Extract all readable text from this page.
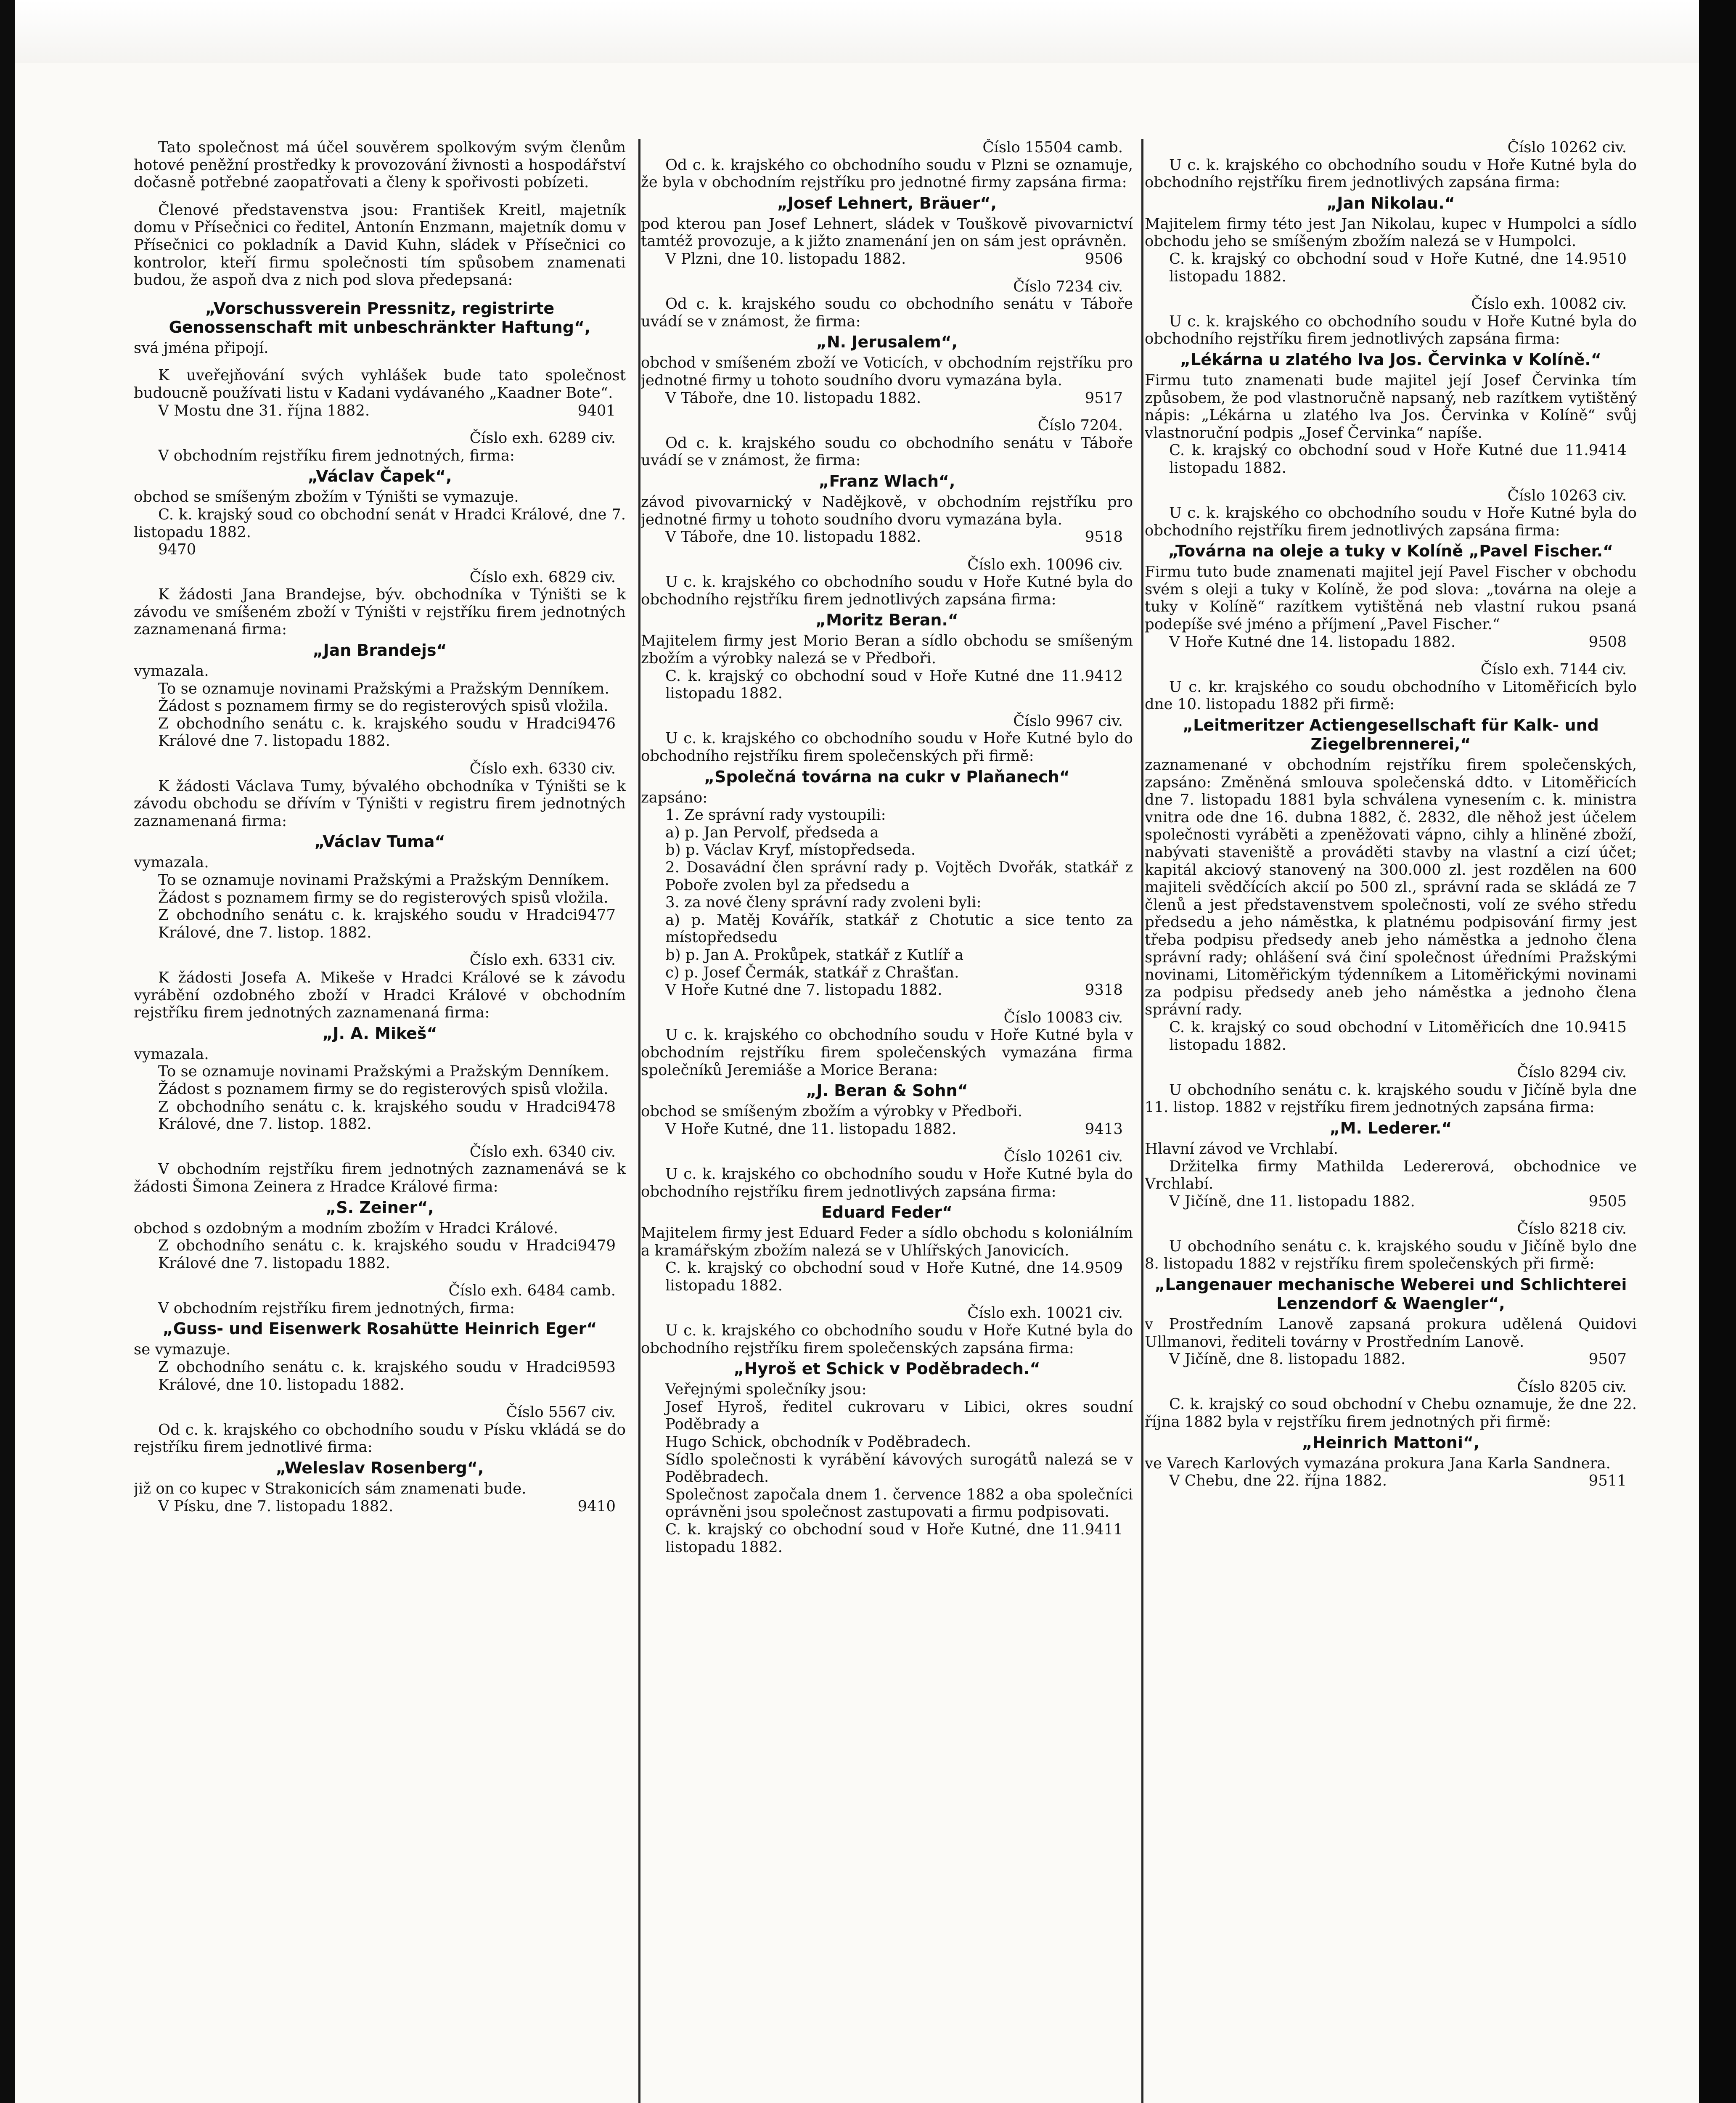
Tato společnost má účel souvěrem spolkovým svým členům hotové peněžní prostředky k provozování živnosti a hospodářství dočasně potřebné zaopatřovati a členy k spořivosti pobízeti.

Členové představenstva jsou: František Kreitl, majetník domu v Přísečnici co ředitel, Antonín Enzmann, majetník domu v Přísečnici co pokladník a David Kuhn, sládek v Přísečnici co kontrolor, kteří firmu společnosti tím spůsobem znamenati budou, že aspoň dva z nich pod slova předepsaná:

„Vorschussverein Pressnitz, registrirte Genossenschaft mit unbeschränkter Haftung“,

svá jména připojí.

K uveřejňování svých vyhlášek bude tato společnost budoucně používati listu v Kadani vydávaného „Kaadner Bote“.

V Mostu dne 31. října 1882.	9401

Číslo exh. 6289 civ.

V obchodním rejstříku firem jednotných, firma:

„Václav Čapek“,

obchod se smíšeným zbožím v Týništi se vymazuje.

C. k. krajský soud co obchodní senát v Hradci Králové, dne 7. listopadu 1882.

9470

Číslo exh. 6829 civ.

K žádosti Jana Brandejse, býv. obchodníka v Týništi se k závodu ve smíšeném zboží v Týništi v rejstříku firem jednotných zaznamenaná firma:

„Jan Brandejs“

vymazala.

To se oznamuje novinami Pražskými a Pražským Denníkem.

Žádost s poznamem firmy se do registerových spisů vložila.

Z obchodního senátu c. k. krajského soudu v Hradci Králové dne 7. listopadu 1882.
9476

Číslo exh. 6330 civ.

K žádosti Václava Tumy, bývalého obchodníka v Týništi se k závodu obchodu se dřívím v Týništi v registru firem jednotných zaznamenaná firma:

„Václav Tuma“

vymazala.

To se oznamuje novinami Pražskými a Pražským Denníkem.

Žádost s poznamem firmy se do registerových spisů vložila.

Z obchodního senátu c. k. krajského soudu v Hradci Králové, dne 7. listop. 1882.
9477

Číslo exh. 6331 civ.

K žádosti Josefa A. Mikeše v Hradci Králové se k závodu vyrábění ozdobného zboží v Hradci Králové v obchodním rejstříku firem jednotných zaznamenaná firma:

„J. A. Mikeš“

vymazala.

To se oznamuje novinami Pražskými a Pražským Denníkem.

Žádost s poznamem firmy se do registerových spisů vložila.

Z obchodního senátu c. k. krajského soudu v Hradci Králové, dne 7. listop. 1882.
9478

Číslo exh. 6340 civ.

V obchodním rejstříku firem jednotných zaznamenává se k žádosti Šimona Zeinera z Hradce Králové firma:

„S. Zeiner“,

obchod s ozdobným a modním zbožím v Hradci Králové.

Z obchodního senátu c. k. krajského soudu v Hradci Králové dne 7. listopadu 1882.
9479

Číslo exh. 6484 camb.

V obchodním rejstříku firem jednotných, firma:

„Guss- und Eisenwerk Rosahütte Heinrich Eger“

se vymazuje.

Z obchodního senátu c. k. krajského soudu v Hradci Králové, dne 10. listopadu 1882.
9593

Číslo 5567 civ.

Od c. k. krajského co obchodního soudu v Písku vkládá se do rejstříku firem jednotlivé firma:

„Weleslav Rosenberg“,

již on co kupec v Strakonicích sám znamenati bude.

V Písku, dne 7. listopadu 1882.	9410

Číslo 15504 camb.

Od c. k. krajského co obchodního soudu v Plzni se oznamuje, že byla v obchodním rejstříku pro jednotné firmy zapsána firma:

„Josef Lehnert, Bräuer“,

pod kterou pan Josef Lehnert, sládek v Touškově pivovarnictví tamtéž provozuje, a k jižto znamenání jen on sám jest oprávněn.

V Plzni, dne 10. listopadu 1882.	9506

Číslo 7234 civ.

Od c. k. krajského soudu co obchodního senátu v Táboře uvádí se v známost, že firma:

„N. Jerusalem“,

obchod v smíšeném zboží ve Voticích, v obchodním rejstříku pro jednotné firmy u tohoto soudního dvoru vymazána byla.

V Táboře, dne 10. listopadu 1882.	9517

Číslo 7204.

Od c. k. krajského soudu co obchodního senátu v Táboře uvádí se v známost, že firma:

„Franz Wlach“,

závod pivovarnický v Nadějkově, v obchodním rejstříku pro jednotné firmy u tohoto soudního dvoru vymazána byla.

V Táboře, dne 10. listopadu 1882.	9518

Číslo exh. 10096 civ.

U c. k. krajského co obchodního soudu v Hoře Kutné byla do obchodního rejstříku firem jednotlivých zapsána firma:

„Moritz Beran.“

Majitelem firmy jest Morio Beran a sídlo obchodu se smíšeným zbožím a výrobky nalezá se v Předboři.

C. k. krajský co obchodní soud v Hoře Kutné dne 11. listopadu 1882.
9412

Číslo 9967 civ.

U c. k. krajského co obchodního soudu v Hoře Kutné bylo do obchodního rejstříku firem společenských při firmě:

„Společná továrna na cukr v Plaňanech“

zapsáno:

1. Ze správní rady vystoupili:

a) p. Jan Pervolf, předseda a

b) p. Václav Kryf, místopředseda.

2. Dosavádní člen správní rady p. Vojtěch Dvořák, statkář z Poboře zvolen byl za předsedu a

3. za nové členy správní rady zvoleni byli:

a) p. Matěj Kovářík, statkář z Chotutic a sice tento za místopředsedu

b) p. Jan A. Prokůpek, statkář z Kutlíř a

c) p. Josef Čermák, statkář z Chrašťan.

V Hoře Kutné dne 7. listopadu 1882.	9318

Číslo 10083 civ.

U c. k. krajského co obchodního soudu v Hoře Kutné byla v obchodním rejstříku firem společenských vymazána firma společníků Jeremiáše a Morice Berana:

„J. Beran & Sohn“

obchod se smíšeným zbožím a výrobky v Předboři.

V Hoře Kutné, dne 11. listopadu 1882.	9413

Číslo 10261 civ.

U c. k. krajského co obchodního soudu v Hoře Kutné byla do obchodního rejstříku firem jednotlivých zapsána firma:

Eduard Feder“

Majitelem firmy jest Eduard Feder a sídlo obchodu s koloniálním a kramářským zbožím nalezá se v Uhlířských Janovicích.

C. k. krajský co obchodní soud v Hoře Kutné, dne 14. listopadu 1882.
9509

Číslo exh. 10021 civ.

U c. k. krajského co obchodního soudu v Hoře Kutné byla do obchodního rejstříku firem společenských zapsána firma:

„Hyroš et Schick v Poděbradech.“

Veřejnými společníky jsou:

Josef Hyroš, ředitel cukrovaru v Libici, okres soudní Poděbrady a

Hugo Schick, obchodník v Poděbradech.

Sídlo společnosti k vyrábění kávových surogátů nalezá se v Poděbradech.

Společnost započala dnem 1. července 1882 a oba společníci oprávněni jsou společnost zastupovati a firmu podpisovati.

C. k. krajský co obchodní soud v Hoře Kutné, dne 11. listopadu 1882.
9411

Číslo 10262 civ.

U c. k. krajského co obchodního soudu v Hoře Kutné byla do obchodního rejstříku firem jednotlivých zapsána firma:

„Jan Nikolau.“

Majitelem firmy této jest Jan Nikolau, kupec v Humpolci a sídlo obchodu jeho se smíšeným zbožím nalezá se v Humpolci.

C. k. krajský co obchodní soud v Hoře Kutné, dne 14. listopadu 1882.
9510

Číslo exh. 10082 civ.

U c. k. krajského co obchodního soudu v Hoře Kutné byla do obchodního rejstříku firem jednotlivých zapsána firma:

„Lékárna u zlatého lva Jos. Červinka v Kolíně.“

Firmu tuto znamenati bude majitel její Josef Červinka tím způsobem, že pod vlastnoručně napsaný, neb razítkem vytištěný nápis: „Lékárna u zlatého lva Jos. Červinka v Kolíně“ svůj vlastnoruční podpis „Josef Červinka“ napíše.

C. k. krajský co obchodní soud v Hoře Kutné due 11. listopadu 1882.
9414

Číslo 10263 civ.

U c. k. krajského co obchodního soudu v Hoře Kutné byla do obchodního rejstříku firem jednotlivých zapsána firma:

„Továrna na oleje a tuky v Kolíně „Pavel Fischer.“

Firmu tuto bude znamenati majitel její Pavel Fischer v obchodu svém s oleji a tuky v Kolíně, že pod slova: „továrna na oleje a tuky v Kolíně“ razítkem vytištěná neb vlastní rukou psaná podepíše své jméno a příjmení „Pavel Fischer.“

V Hoře Kutné dne 14. listopadu 1882.	9508

Číslo exh. 7144 civ.

U c. kr. krajského co soudu obchodního v Litoměřicích bylo dne 10. listopadu 1882 při firmě:

„Leitmeritzer Actiengesellschaft für Kalk- und Ziegelbrennerei,“

zaznamenané v obchodním rejstříku firem společenských, zapsáno: Změněná smlouva společenská ddto. v Litoměřicích dne 7. listopadu 1881 byla schválena vynesením c. k. ministra vnitra ode dne 16. dubna 1882, č. 2832, dle něhož jest účelem společnosti vyráběti a zpeněžovati vápno, cihly a hliněné zboží, nabývati staveniště a prováděti stavby na vlastní a cizí účet; kapitál akciový stanovený na 300.000 zl. jest rozdělen na 600 majiteli svědčících akcií po 500 zl., správní rada se skládá ze 7 členů a jest představenstvem společnosti, volí ze svého středu předsedu a jeho náměstka, k platnému podpisování firmy jest třeba podpisu předsedy aneb jeho náměstka a jednoho člena správní rady; ohlášení svá činí společnost úředními Pražskými novinami, Litoměřickým týdenníkem a Litoměřickými novinami za podpisu předsedy aneb jeho náměstka a jednoho člena správní rady.

C. k. krajský co soud obchodní v Litoměřicích dne 10. listopadu 1882.
9415

Číslo 8294 civ.

U obchodního senátu c. k. krajského soudu v Jičíně byla dne 11. listop. 1882 v rejstříku firem jednotných zapsána firma:

„M. Lederer.“

Hlavní závod ve Vrchlabí.

Držitelka firmy Mathilda Ledererová, obchodnice ve Vrchlabí.

V Jičíně, dne 11. listopadu 1882.	9505

Číslo 8218 civ.

U obchodního senátu c. k. krajského soudu v Jičíně bylo dne 8. listopadu 1882 v rejstříku firem společenských při firmě:

„Langenauer mechanische Weberei und Schlichterei Lenzendorf & Waengler“,

v Prostředním Lanově zapsaná prokura udělená Quidovi Ullmanovi, řediteli továrny v Prostředním Lanově.

V Jičíně, dne 8. listopadu 1882.	9507

Číslo 8205 civ.

C. k. krajský co soud obchodní v Chebu oznamuje, že dne 22. října 1882 byla v rejstříku firem jednotných při firmě:

„Heinrich Mattoni“,

ve Varech Karlových vymazána prokura Jana Karla Sandnera.

V Chebu, dne 22. října 1882.	9511
